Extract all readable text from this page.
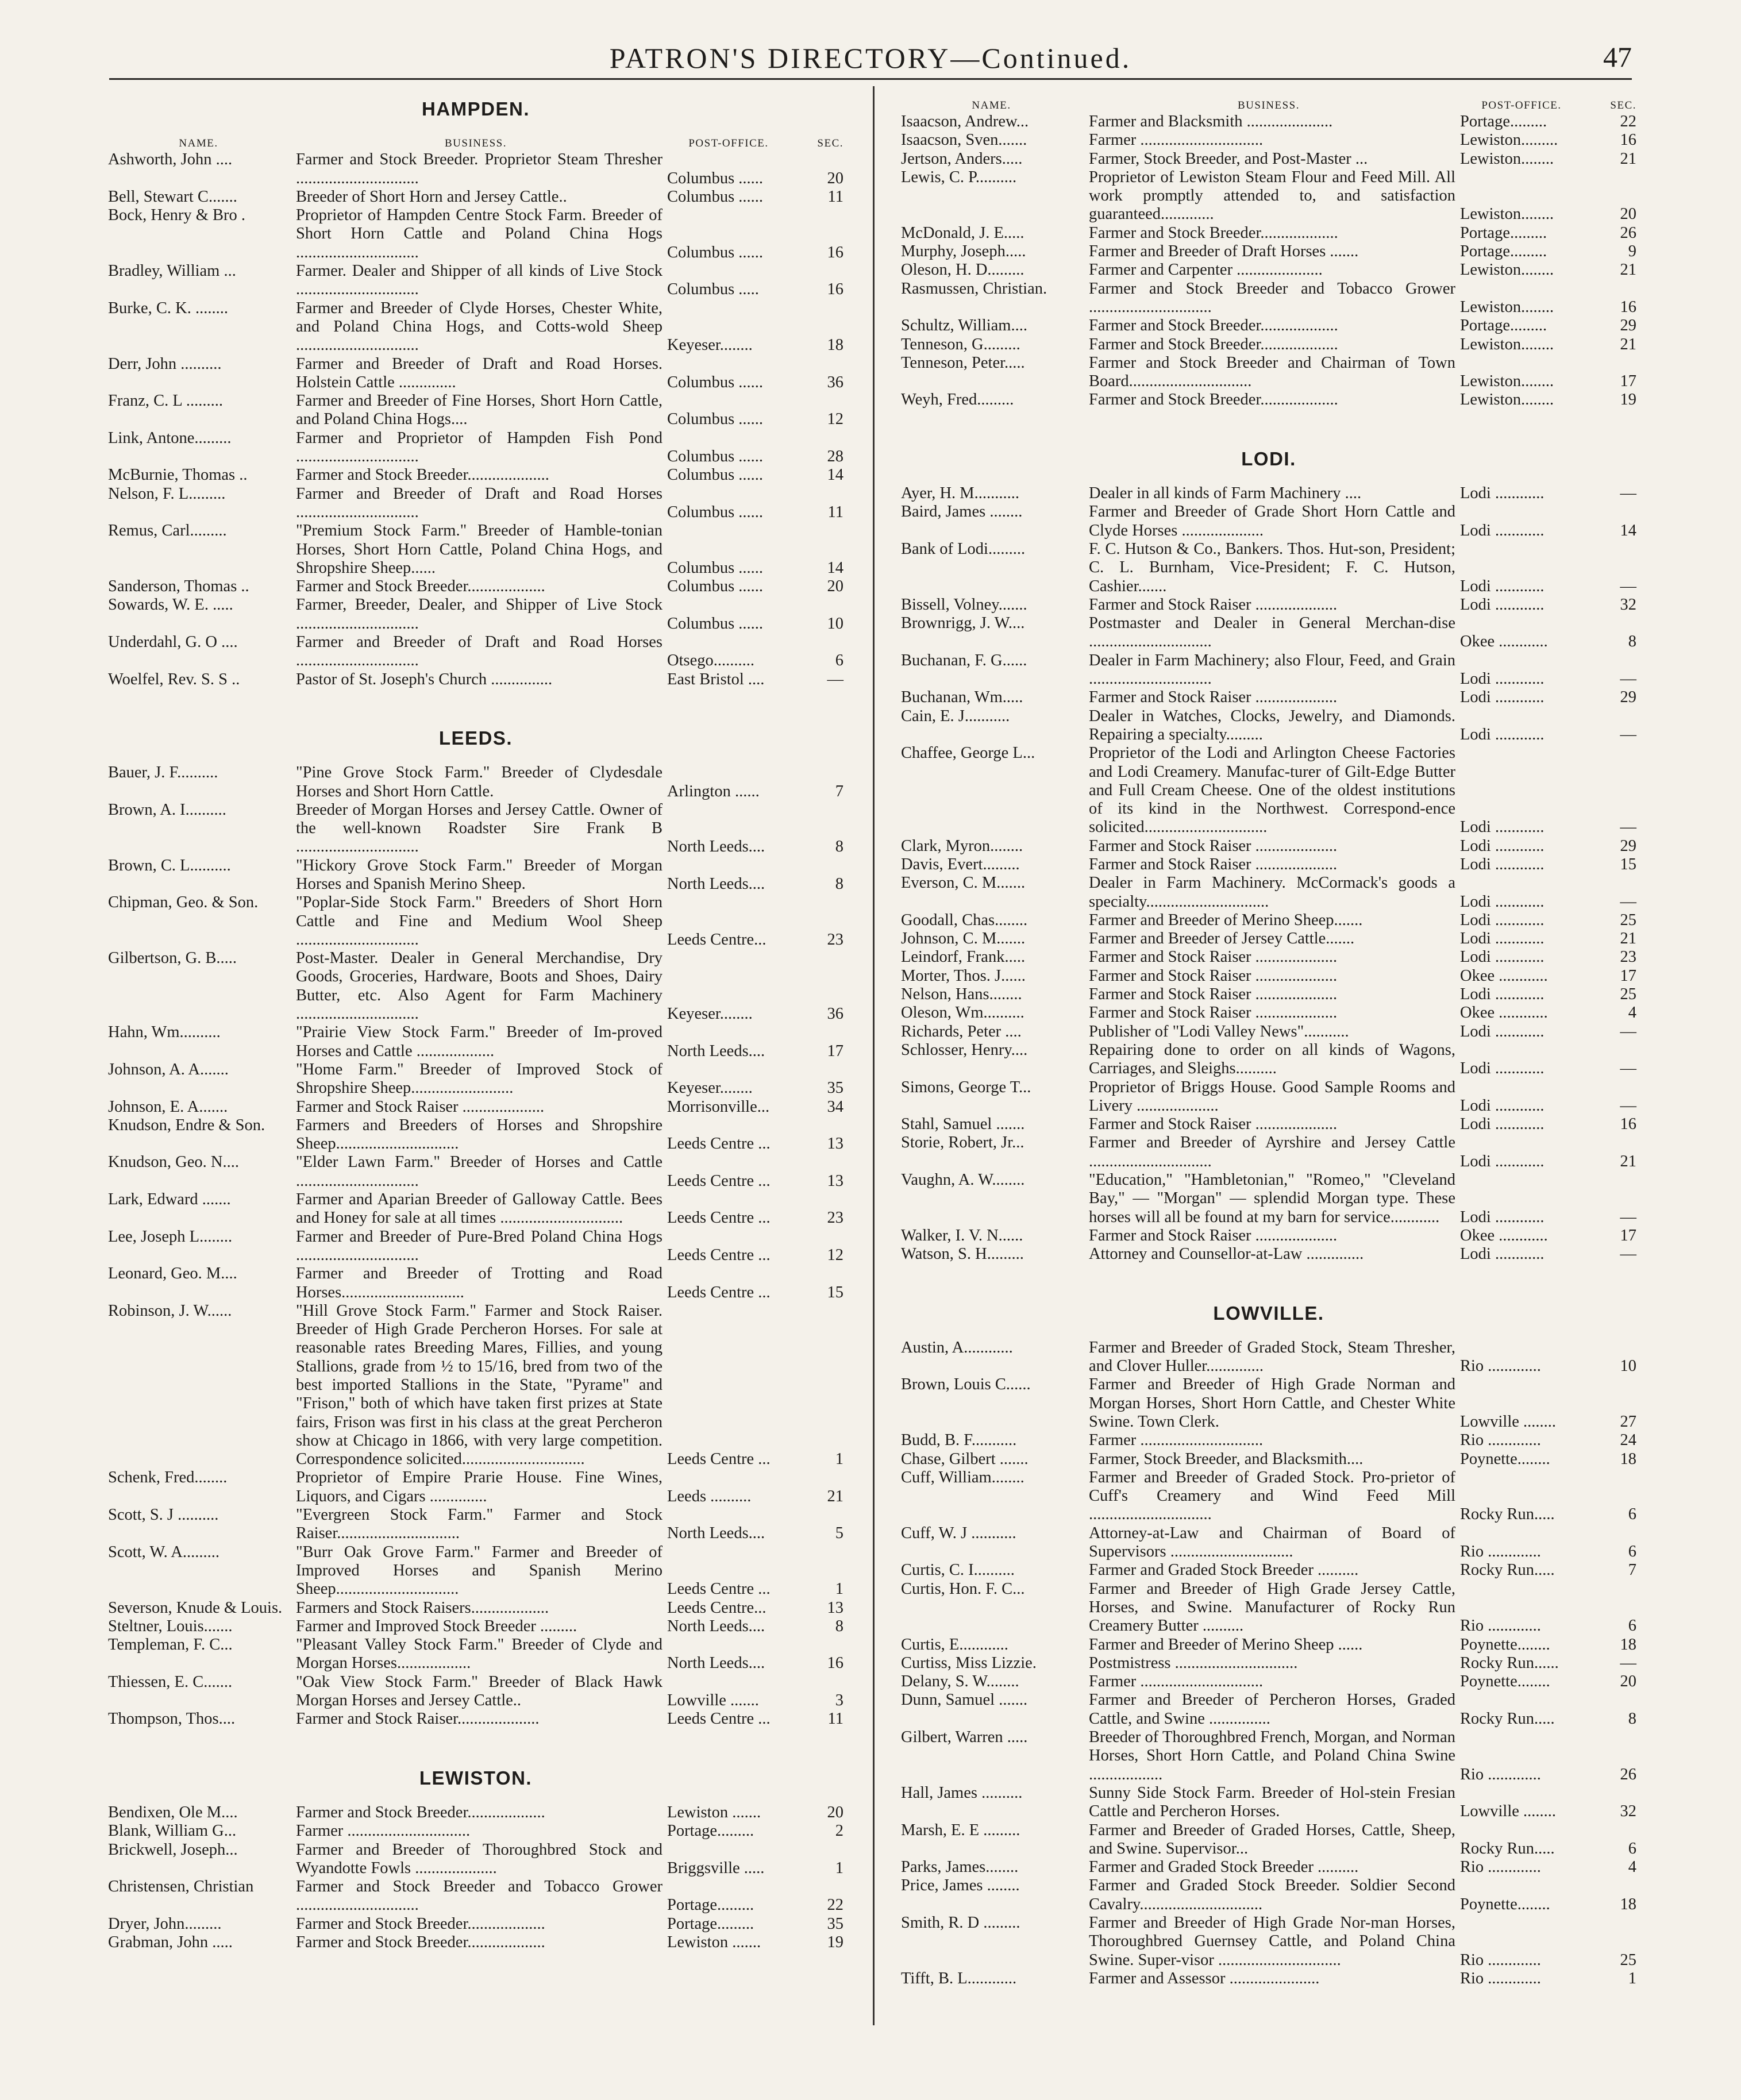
PATRON'S DIRECTORY—Continued.	47
HAMPDEN.
NAME.	BUSINESS.	POST-OFFICE.	SEC.
Ashworth, John ....	Farmer and Stock Breeder. Proprietor Steam Thresher ..............................	Columbus ......	20
Bell, Stewart C.......	Breeder of Short Horn and Jersey Cattle..	Columbus ......	11
Bock, Henry & Bro .	Proprietor of Hampden Centre Stock Farm. Breeder of Short Horn Cattle and Poland China Hogs ..............................	Columbus ......	16
Bradley, William ...	Farmer. Dealer and Shipper of all kinds of Live Stock ..............................	Columbus .....	16
Burke, C. K. ........	Farmer and Breeder of Clyde Horses, Chester White, and Poland China Hogs, and Cotts-wold Sheep ..............................	Keyeser........	18
Derr, John ..........	Farmer and Breeder of Draft and Road Horses. Holstein Cattle ..............	Columbus ......	36
Franz, C. L .........	Farmer and Breeder of Fine Horses, Short Horn Cattle, and Poland China Hogs....	Columbus ......	12
Link, Antone.........	Farmer and Proprietor of Hampden Fish Pond ..............................	Columbus ......	28
McBurnie, Thomas ..	Farmer and Stock Breeder....................	Columbus ......	14
Nelson, F. L.........	Farmer and Breeder of Draft and Road Horses ..............................	Columbus ......	11
Remus, Carl.........	"Premium Stock Farm." Breeder of Hamble-tonian Horses, Short Horn Cattle, Poland China Hogs, and Shropshire Sheep......	Columbus ......	14
Sanderson, Thomas ..	Farmer and Stock Breeder...................	Columbus ......	20
Sowards, W. E. .....	Farmer, Breeder, Dealer, and Shipper of Live Stock ..............................	Columbus ......	10
Underdahl, G. O ....	Farmer and Breeder of Draft and Road Horses ..............................	Otsego..........	6
Woelfel, Rev. S. S ..	Pastor of St. Joseph's Church ...............	East Bristol ....	—
LEEDS.
Bauer, J. F..........	"Pine Grove Stock Farm." Breeder of Clydesdale Horses and Short Horn Cattle.	Arlington ......	7
Brown, A. I..........	Breeder of Morgan Horses and Jersey Cattle. Owner of the well-known Roadster Sire Frank B ..............................	North Leeds....	8
Brown, C. L..........	"Hickory Grove Stock Farm." Breeder of Morgan Horses and Spanish Merino Sheep.	North Leeds....	8
Chipman, Geo. & Son.	"Poplar-Side Stock Farm." Breeders of Short Horn Cattle and Fine and Medium Wool Sheep ..............................	Leeds Centre...	23
Gilbertson, G. B.....	Post-Master. Dealer in General Merchandise, Dry Goods, Groceries, Hardware, Boots and Shoes, Dairy Butter, etc. Also Agent for Farm Machinery ..............................	Keyeser........	36
Hahn, Wm..........	"Prairie View Stock Farm." Breeder of Im-proved Horses and Cattle ...................	North Leeds....	17
Johnson, A. A.......	"Home Farm." Breeder of Improved Stock of Shropshire Sheep.........................	Keyeser........	35
Johnson, E. A.......	Farmer and Stock Raiser ....................	Morrisonville...	34
Knudson, Endre & Son.	Farmers and Breeders of Horses and Shropshire Sheep..............................	Leeds Centre ...	13
Knudson, Geo. N....	"Elder Lawn Farm." Breeder of Horses and Cattle ..............................	Leeds Centre ...	13
Lark, Edward .......	Farmer and Aparian Breeder of Galloway Cattle. Bees and Honey for sale at all times ..............................	Leeds Centre ...	23
Lee, Joseph L........	Farmer and Breeder of Pure-Bred Poland China Hogs ..............................	Leeds Centre ...	12
Leonard, Geo. M....	Farmer and Breeder of Trotting and Road Horses..............................	Leeds Centre ...	15
Robinson, J. W......	"Hill Grove Stock Farm." Farmer and Stock Raiser. Breeder of High Grade Percheron Horses. For sale at reasonable rates Breeding Mares, Fillies, and young Stallions, grade from ½ to 15/16, bred from two of the best imported Stallions in the State, "Pyrame" and "Frison," both of which have taken first prizes at State fairs, Frison was first in his class at the great Percheron show at Chicago in 1866, with very large competition. Correspondence solicited..............................	Leeds Centre ...	1
Schenk, Fred........	Proprietor of Empire Prarie House. Fine Wines, Liquors, and Cigars ..............	Leeds ..........	21
Scott, S. J ..........	"Evergreen Stock Farm." Farmer and Stock Raiser..............................	North Leeds....	5
Scott, W. A.........	"Burr Oak Grove Farm." Farmer and Breeder of Improved Horses and Spanish Merino Sheep..............................	Leeds Centre ...	1
Severson, Knude & Louis. Farmers and Stock Raisers...................	Leeds Centre...	13
Steltner, Louis.......	Farmer and Improved Stock Breeder .........	North Leeds....	8
Templeman, F. C...	"Pleasant Valley Stock Farm." Breeder of Clyde and Morgan Horses..................	North Leeds....	16
Thiessen, E. C.......	"Oak View Stock Farm." Breeder of Black Hawk Morgan Horses and Jersey Cattle..	Lowville .......	3
Thompson, Thos....	Farmer and Stock Raiser....................	Leeds Centre ...	11
LEWISTON.
Bendixen, Ole M....	Farmer and Stock Breeder...................	Lewiston .......	20
Blank, William G...	Farmer ..............................	Portage.........	2
Brickwell, Joseph...	Farmer and Breeder of Thoroughbred Stock and Wyandotte Fowls ....................	Briggsville .....	1
Christensen, Christian	Farmer and Stock Breeder and Tobacco Grower ..............................	Portage.........	22
Dryer, John.........	Farmer and Stock Breeder...................	Portage.........	35
Grabman, John .....	Farmer and Stock Breeder...................	Lewiston .......	19
NAME.	BUSINESS.	POST-OFFICE.	SEC.
Isaacson, Andrew...	Farmer and Blacksmith .....................	Portage.........	22
Isaacson, Sven.......	Farmer ..............................	Lewiston.........	16
Jertson, Anders.....	Farmer, Stock Breeder, and Post-Master ...	Lewiston........	21
Lewis, C. P..........	Proprietor of Lewiston Steam Flour and Feed Mill. All work promptly attended to, and satisfaction guaranteed.............	Lewiston........	20
McDonald, J. E.....	Farmer and Stock Breeder...................	Portage.........	26
Murphy, Joseph.....	Farmer and Breeder of Draft Horses .......	Portage.........	9
Oleson, H. D.........	Farmer and Carpenter .....................	Lewiston........	21
Rasmussen, Christian.	Farmer and Stock Breeder and Tobacco Grower ..............................	Lewiston........	16
Schultz, William....	Farmer and Stock Breeder...................	Portage.........	29
Tenneson, G.........	Farmer and Stock Breeder...................	Lewiston........	21
Tenneson, Peter.....	Farmer and Stock Breeder and Chairman of Town Board..............................	Lewiston........	17
Weyh, Fred.........	Farmer and Stock Breeder...................	Lewiston........	19
LODI.
Ayer, H. M...........	Dealer in all kinds of Farm Machinery ....	Lodi ............	—
Baird, James ........	Farmer and Breeder of Grade Short Horn Cattle and Clyde Horses ....................	Lodi ............	14
Bank of Lodi.........	F. C. Hutson & Co., Bankers. Thos. Hut-son, President; C. L. Burnham, Vice-President; F. C. Hutson, Cashier.......	Lodi ............	—
Bissell, Volney.......	Farmer and Stock Raiser ....................	Lodi ............	32
Brownrigg, J. W....	Postmaster and Dealer in General Merchan-dise ..............................	Okee ............	8
Buchanan, F. G......	Dealer in Farm Machinery; also Flour, Feed, and Grain ..............................	Lodi ............	—
Buchanan, Wm.....	Farmer and Stock Raiser ....................	Lodi ............	29
Cain, E. J...........	Dealer in Watches, Clocks, Jewelry, and Diamonds. Repairing a specialty.........	Lodi ............	—
Chaffee, George L...	Proprietor of the Lodi and Arlington Cheese Factories and Lodi Creamery. Manufac-turer of Gilt-Edge Butter and Full Cream Cheese. One of the oldest institutions of its kind in the Northwest. Correspond-ence solicited..............................	Lodi ............	—
Clark, Myron........	Farmer and Stock Raiser ....................	Lodi ............	29
Davis, Evert.........	Farmer and Stock Raiser ....................	Lodi ............	15
Everson, C. M.......	Dealer in Farm Machinery. McCormack's goods a specialty..............................	Lodi ............	—
Goodall, Chas........	Farmer and Breeder of Merino Sheep.......	Lodi ............	25
Johnson, C. M.......	Farmer and Breeder of Jersey Cattle.......	Lodi ............	21
Leindorf, Frank.....	Farmer and Stock Raiser ....................	Lodi ............	23
Morter, Thos. J......	Farmer and Stock Raiser ....................	Okee ............	17
Nelson, Hans........	Farmer and Stock Raiser ....................	Lodi ............	25
Oleson, Wm..........	Farmer and Stock Raiser ....................	Okee ............	4
Richards, Peter ....	Publisher of "Lodi Valley News"...........	Lodi ............	—
Schlosser, Henry....	Repairing done to order on all kinds of Wagons, Carriages, and Sleighs..........	Lodi ............	—
Simons, George T...	Proprietor of Briggs House. Good Sample Rooms and Livery ....................	Lodi ............	—
Stahl, Samuel .......	Farmer and Stock Raiser ....................	Lodi ............	16
Storie, Robert, Jr...	Farmer and Breeder of Ayrshire and Jersey Cattle ..............................	Lodi ............	21
Vaughn, A. W........	"Education," "Hambletonian," "Romeo," "Cleveland Bay," — "Morgan" — splendid Morgan type. These horses will all be found at my barn for service............	Lodi ............	—
Walker, I. V. N......	Farmer and Stock Raiser ....................	Okee ............	17
Watson, S. H.........	Attorney and Counsellor-at-Law ..............	Lodi ............	—
LOWVILLE.
Austin, A............	Farmer and Breeder of Graded Stock, Steam Thresher, and Clover Huller..............	Rio .............	10
Brown, Louis C......	Farmer and Breeder of High Grade Norman and Morgan Horses, Short Horn Cattle, and Chester White Swine. Town Clerk.	Lowville ........	27
Budd, B. F...........	Farmer ..............................	Rio .............	24
Chase, Gilbert .......	Farmer, Stock Breeder, and Blacksmith....	Poynette........	18
Cuff, William........	Farmer and Breeder of Graded Stock. Pro-prietor of Cuff's Creamery and Wind Feed Mill ..............................	Rocky Run.....	6
Cuff, W. J ...........	Attorney-at-Law and Chairman of Board of Supervisors ..............................	Rio .............	6
Curtis, C. I..........	Farmer and Graded Stock Breeder ..........	Rocky Run.....	7
Curtis, Hon. F. C...	Farmer and Breeder of High Grade Jersey Cattle, Horses, and Swine. Manufacturer of Rocky Run Creamery Butter ..........	Rio .............	6
Curtis, E............	Farmer and Breeder of Merino Sheep ......	Poynette........	18
Curtiss, Miss Lizzie.	Postmistress ..............................	Rocky Run......	—
Delany, S. W........	Farmer ..............................	Poynette........	20
Dunn, Samuel .......	Farmer and Breeder of Percheron Horses, Graded Cattle, and Swine ...............	Rocky Run.....	8
Gilbert, Warren .....	Breeder of Thoroughbred French, Morgan, and Norman Horses, Short Horn Cattle, and Poland China Swine ..................	Rio .............	26
Hall, James ..........	Sunny Side Stock Farm. Breeder of Hol-stein Fresian Cattle and Percheron Horses.	Lowville ........	32
Marsh, E. E .........	Farmer and Breeder of Graded Horses, Cattle, Sheep, and Swine. Supervisor...	Rocky Run.....	6
Parks, James........	Farmer and Graded Stock Breeder ..........	Rio .............	4
Price, James ........	Farmer and Graded Stock Breeder. Soldier Second Cavalry..............................	Poynette........	18
Smith, R. D .........	Farmer and Breeder of High Grade Nor-man Horses, Thoroughbred Guernsey Cattle, and Poland China Swine. Super-visor ..............................	Rio .............	25
Tifft, B. L............	Farmer and Assessor ......................	Rio .............	1
